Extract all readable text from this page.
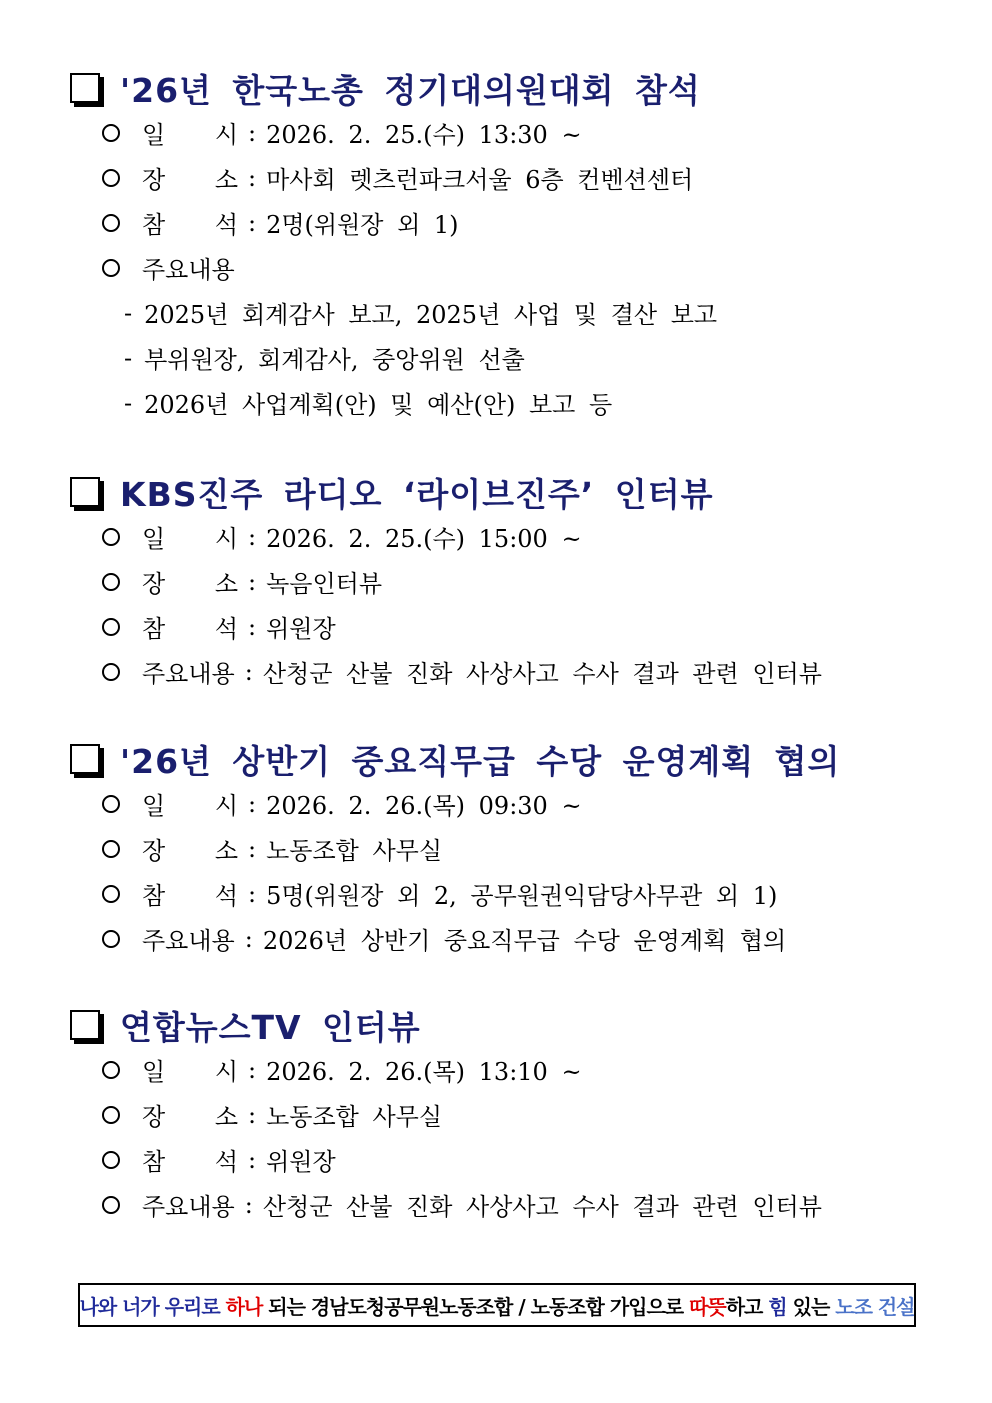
'26년 한국노총 정기대의원대회 참석
일 시 : 2026. 2. 25.(수) 13:30 ~
장 소 : 마사회 렛츠런파크서울 6층 컨벤션센터
참 석 : 2명(위원장 외 1)
주요내용
- 2025년 회계감사 보고, 2025년 사업 및 결산 보고
- 부위원장, 회계감사, 중앙위원 선출
- 2026년 사업계획(안) 및 예산(안) 보고 등
KBS진주 라디오 ‘라이브진주’ 인터뷰
일 시 : 2026. 2. 25.(수) 15:00 ~
장 소 : 녹음인터뷰
참 석 : 위원장
주요내용 : 산청군 산불 진화 사상사고 수사 결과 관련 인터뷰
'26년 상반기 중요직무급 수당 운영계획 협의
일 시 : 2026. 2. 26.(목) 09:30 ~
장 소 : 노동조합 사무실
참 석 : 5명(위원장 외 2, 공무원권익담당사무관 외 1)
주요내용 : 2026년 상반기 중요직무급 수당 운영계획 협의
연합뉴스TV 인터뷰
일 시 : 2026. 2. 26.(목) 13:10 ~
장 소 : 노동조합 사무실
참 석 : 위원장
주요내용 : 산청군 산불 진화 사상사고 수사 결과 관련 인터뷰
나와 너가 우리로 하나 되는 경남도청공무원노동조합 / 노동조합 가입으로 따뜻 하고 힘 있는 노조 건설
